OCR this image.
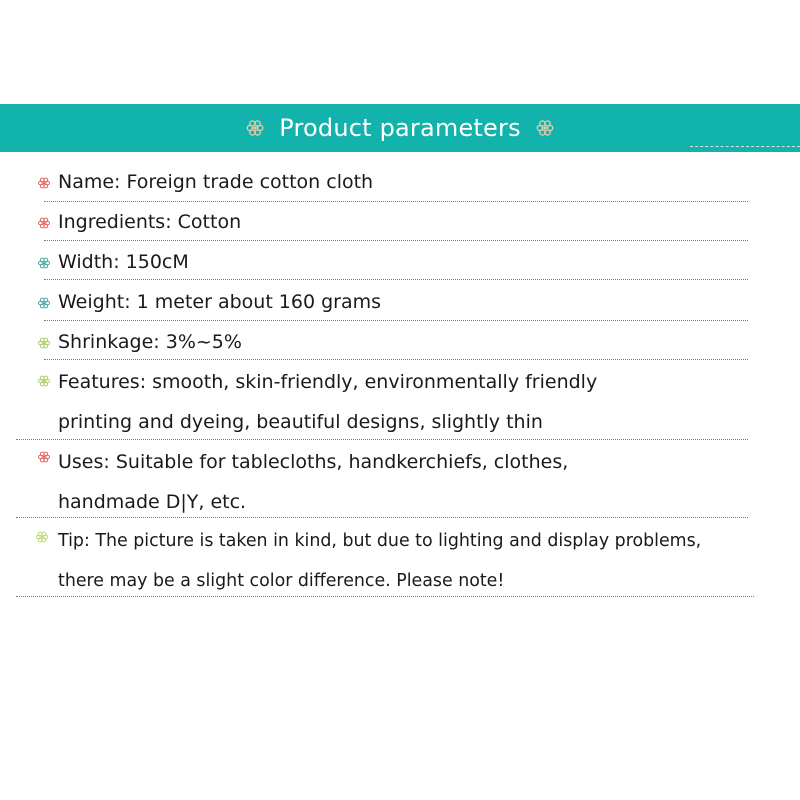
Product parameters
Name: Foreign trade cotton cloth
Ingredients: Cotton
Width: 150cM
Weight: 1 meter about 160 grams
Shrinkage: 3%~5%
Features: smooth, skin-friendly, environmentally friendly
printing and dyeing, beautiful designs, slightly thin
Uses: Suitable for tablecloths, handkerchiefs, clothes,
handmade D|Y, etc.
Tip: The picture is taken in kind, but due to lighting and display problems,
there may be a slight color difference. Please note!
